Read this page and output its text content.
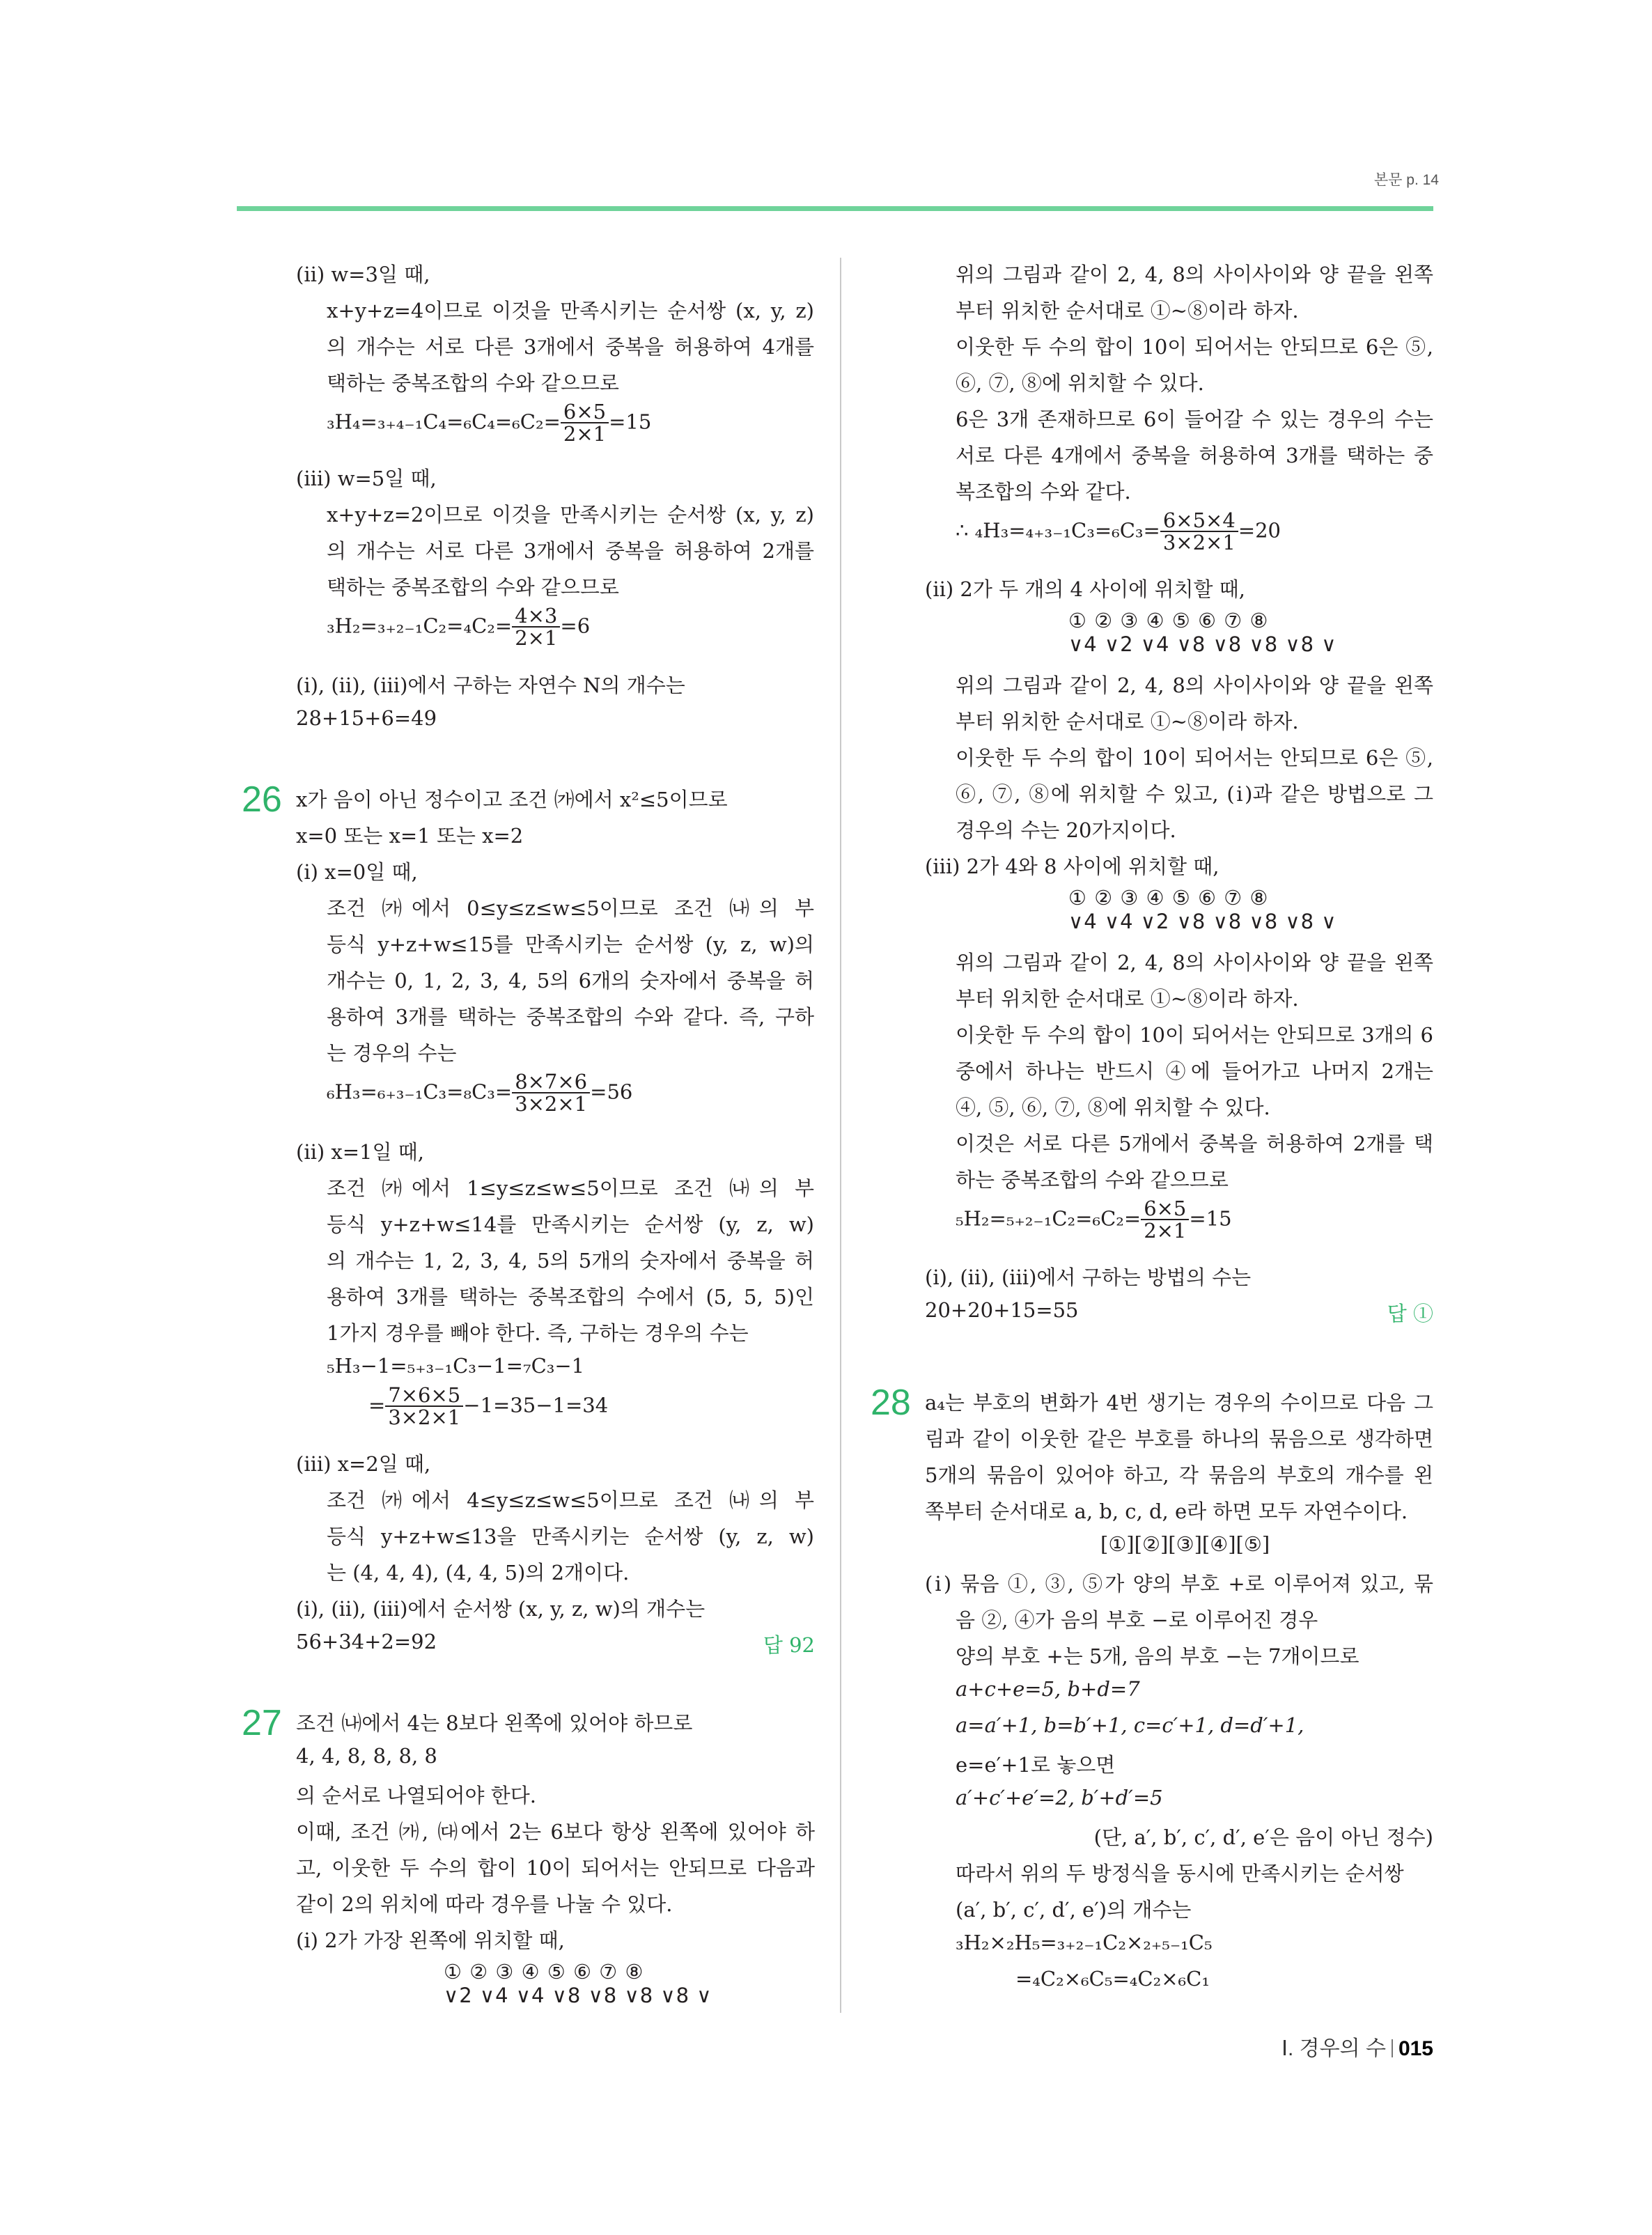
본문 p. 14
(ⅱ) w=3일 때,
x+y+z=4이므로 이것을 만족시키는 순서쌍 (x, y, z)
의 개수는 서로 다른 3개에서 중복을 허용하여 4개를
택하는 중복조합의 수와 같으므로
$_3H_4=_{3+4-1}C_4=_6C_4=_6C_2= \frac{6\times 5}{2\times 1} =15$
(ⅲ) w=5일 때,
x+y+z=2이므로 이것을 만족시키는 순서쌍 (x, y, z)
의 개수는 서로 다른 3개에서 중복을 허용하여 2개를
택하는 중복조합의 수와 같으므로
$_3H_2=_{3+2-1}C_2=_4C_2= \frac{4\times 3}{2\times 1} =6$
(ⅰ), (ⅱ), (ⅲ)에서 구하는 자연수 N의 개수는
28+15+6=49
26 x가 음이 아닌 정수이고 조건 ㈎에서 x²≤5이므로
x=0 또는 x=1 또는 x=2
(ⅰ) x=0일 때,
조건 ㈎에서 0≤y≤z≤w≤5이므로 조건 ㈏의 부
등식 y+z+w≤15를 만족시키는 순서쌍 (y, z, w)의
개수는 0, 1, 2, 3, 4, 5의 6개의 숫자에서 중복을 허
용하여 3개를 택하는 중복조합의 수와 같다. 즉, 구하
는 경우의 수는
$_6H_3=_{6+3-1}C_3=_8C_3= \frac{8\times 7\times 6}{3\times 2\times 1} =56$
(ⅱ) x=1일 때,
조건 ㈎에서 1≤y≤z≤w≤5이므로 조건 ㈏의 부
등식 y+z+w≤14를 만족시키는 순서쌍 (y, z, w)
의 개수는 1, 2, 3, 4, 5의 5개의 숫자에서 중복을 허
용하여 3개를 택하는 중복조합의 수에서 (5, 5, 5)인
1가지 경우를 빼야 한다. 즉, 구하는 경우의 수는
₅H₃−1=₅₊₃₋₁C₃−1=₇C₃−1
= $\frac{7\times 6\times 5}{3\times 2\times 1} -1=35-1=34$
(ⅲ) x=2일 때,
조건 ㈎에서 4≤y≤z≤w≤5이므로 조건 ㈏의 부
등식 y+z+w≤13을 만족시키는 순서쌍 (y, z, w)
는 (4, 4, 4), (4, 4, 5)의 2개이다.
(ⅰ), (ⅱ), (ⅲ)에서 순서쌍 (x, y, z, w)의 개수는
56+34+2=92	답 92
27 조건 ㈏에서 4는 8보다 왼쪽에 있어야 하므로
4, 4, 8, 8, 8, 8
의 순서로 나열되어야 한다.
이때, 조건 ㈎, ㈐에서 2는 6보다 항상 왼쪽에 있어야 하
고, 이웃한 두 수의 합이 10이 되어서는 안되므로 다음과
같이 2의 위치에 따라 경우를 나눌 수 있다.
(ⅰ) 2가 가장 왼쪽에 위치할 때,
① ② ③ ④ ⑤ ⑥ ⑦ ⑧
∨2 ∨4 ∨4 ∨8 ∨8 ∨8 ∨8 ∨
위의 그림과 같이 2, 4, 8의 사이사이와 양 끝을 왼쪽
부터 위치한 순서대로 ①~⑧이라 하자.
이웃한 두 수의 합이 10이 되어서는 안되므로 6은 ⑤,
⑥, ⑦, ⑧에 위치할 수 있다.
6은 3개 존재하므로 6이 들어갈 수 있는 경우의 수는
서로 다른 4개에서 중복을 허용하여 3개를 택하는 중
복조합의 수와 같다.
∴ $_4H_3=_{4+3-1}C_3=_6C_3= \frac{6\times 5\times 4}{3\times 2\times 1} =20$
(ⅱ) 2가 두 개의 4 사이에 위치할 때,
① ② ③ ④ ⑤ ⑥ ⑦ ⑧
∨4 ∨2 ∨4 ∨8 ∨8 ∨8 ∨8 ∨
위의 그림과 같이 2, 4, 8의 사이사이와 양 끝을 왼쪽
부터 위치한 순서대로 ①~⑧이라 하자.
이웃한 두 수의 합이 10이 되어서는 안되므로 6은 ⑤,
⑥, ⑦, ⑧에 위치할 수 있고, (ⅰ)과 같은 방법으로 그
경우의 수는 20가지이다.
(ⅲ) 2가 4와 8 사이에 위치할 때,
① ② ③ ④ ⑤ ⑥ ⑦ ⑧
∨4 ∨4 ∨2 ∨8 ∨8 ∨8 ∨8 ∨
위의 그림과 같이 2, 4, 8의 사이사이와 양 끝을 왼쪽
부터 위치한 순서대로 ①~⑧이라 하자.
이웃한 두 수의 합이 10이 되어서는 안되므로 3개의 6
중에서 하나는 반드시 ④에 들어가고 나머지 2개는
④, ⑤, ⑥, ⑦, ⑧에 위치할 수 있다.
이것은 서로 다른 5개에서 중복을 허용하여 2개를 택
하는 중복조합의 수와 같으므로
$_5H_2=_{5+2-1}C_2=_6C_2= \frac{6\times 5}{2\times 1} =15$
(ⅰ), (ⅱ), (ⅲ)에서 구하는 방법의 수는
20+20+15=55	답 ①
28 a₄는 부호의 변화가 4번 생기는 경우의 수이므로 다음 그
림과 같이 이웃한 같은 부호를 하나의 묶음으로 생각하면
5개의 묶음이 있어야 하고, 각 묶음의 부호의 개수를 왼
쪽부터 순서대로 a, b, c, d, e라 하면 모두 자연수이다.
[①][②][③][④][⑤]
(ⅰ) 묶음 ①, ③, ⑤가 양의 부호 +로 이루어져 있고, 묶
음 ②, ④가 음의 부호 −로 이루어진 경우
양의 부호 +는 5개, 음의 부호 −는 7개이므로
a+c+e=5, b+d=7
a=a′+1, b=b′+1, c=c′+1, d=d′+1,
e=e′+1로 놓으면
a′+c′+e′=2, b′+d′=5
(단, a′, b′, c′, d′, e′은 음이 아닌 정수)
따라서 위의 두 방정식을 동시에 만족시키는 순서쌍
(a′, b′, c′, d′, e′)의 개수는
₃H₂×₂H₅=₃₊₂₋₁C₂×₂₊₅₋₁C₅
=₄C₂×₆C₅=₄C₂×₆C₁
Ⅰ. 경우의 수 015
